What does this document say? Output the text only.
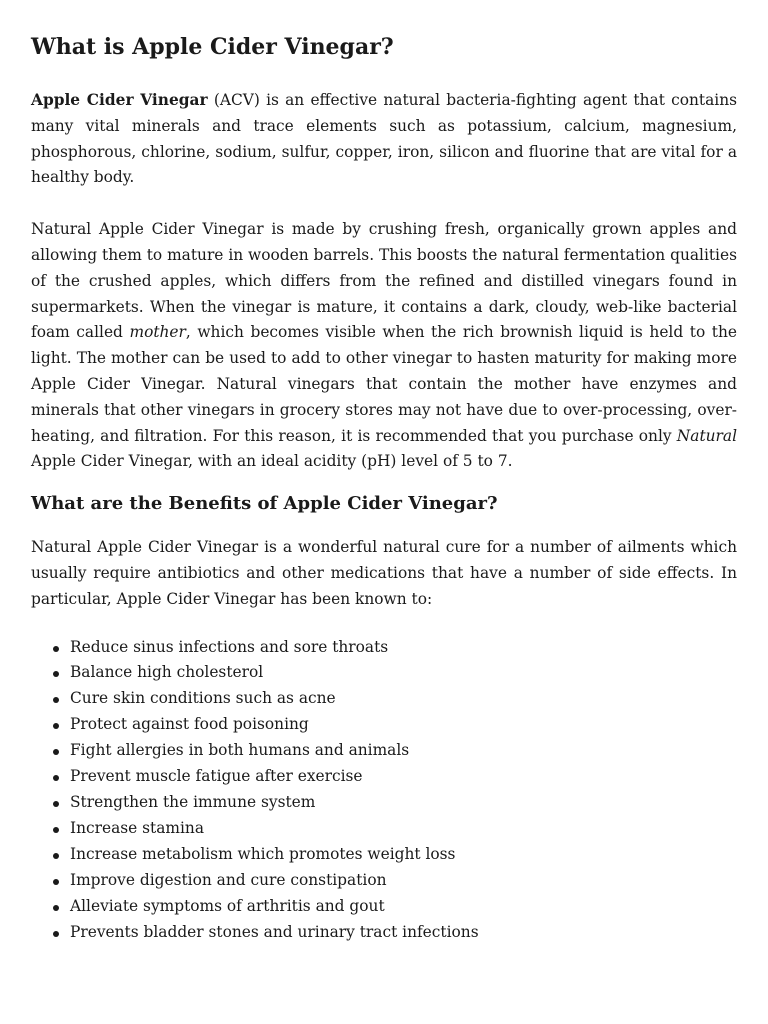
What is Apple Cider Vinegar?

Apple Cider Vinegar (ACV) is an effective natural bacteria-fighting agent that contains many vital minerals and trace elements such as potassium, calcium, magnesium, phosphorous, chlorine, sodium, sulfur, copper, iron, silicon and fluorine that are vital for a healthy body.

Natural Apple Cider Vinegar is made by crushing fresh, organically grown apples and allowing them to mature in wooden barrels. This boosts the natural fermentation qualities of the crushed apples, which differs from the refined and distilled vinegars found in supermarkets. When the vinegar is mature, it contains a dark, cloudy, web-like bacterial foam called mother, which becomes visible when the rich brownish liquid is held to the light. The mother can be used to add to other vinegar to hasten maturity for making more Apple Cider Vinegar. Natural vinegars that contain the mother have enzymes and minerals that other vinegars in grocery stores may not have due to over-processing, over-heating, and filtration. For this reason, it is recommended that you purchase only Natural Apple Cider Vinegar, with an ideal acidity (pH) level of 5 to 7.

What are the Benefits of Apple Cider Vinegar?

Natural Apple Cider Vinegar is a wonderful natural cure for a number of ailments which usually require antibiotics and other medications that have a number of side effects. In particular, Apple Cider Vinegar has been known to:

Reduce sinus infections and sore throats
Balance high cholesterol
Cure skin conditions such as acne
Protect against food poisoning
Fight allergies in both humans and animals
Prevent muscle fatigue after exercise
Strengthen the immune system
Increase stamina
Increase metabolism which promotes weight loss
Improve digestion and cure constipation
Alleviate symptoms of arthritis and gout
Prevents bladder stones and urinary tract infections
